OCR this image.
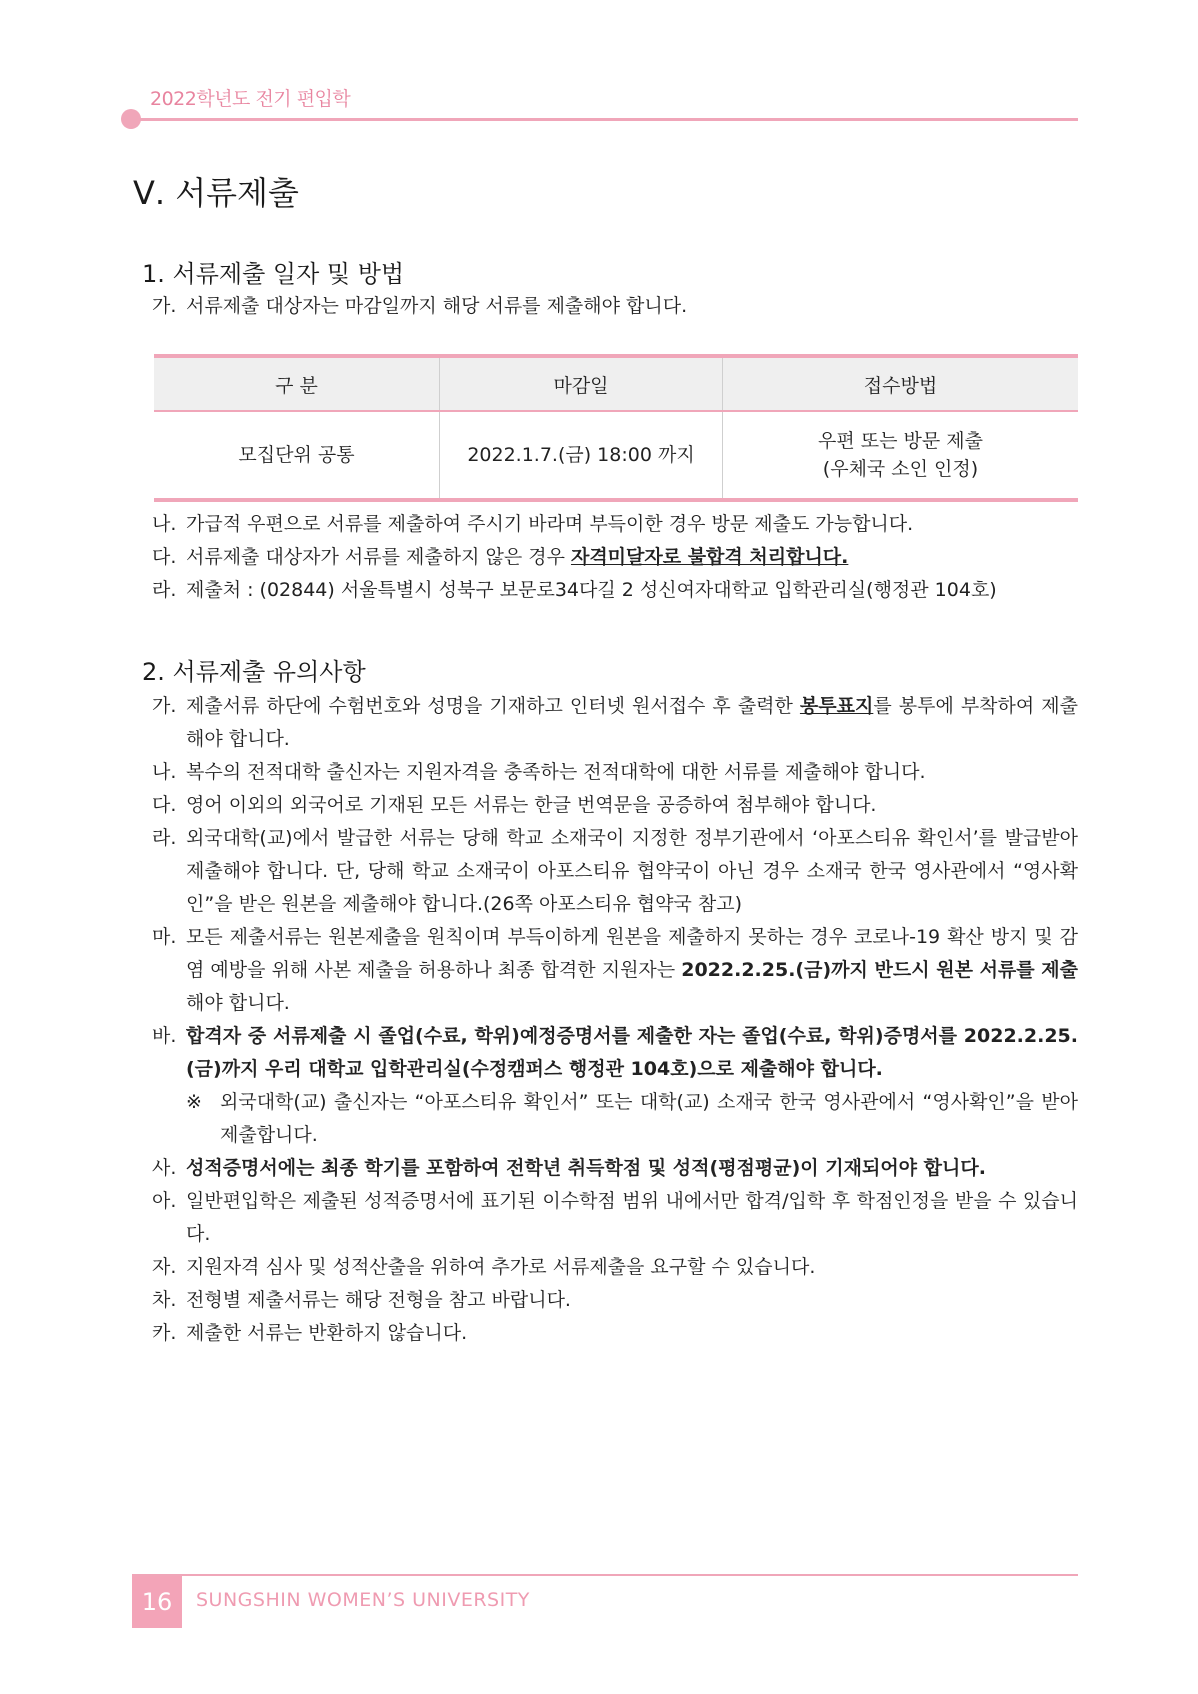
2022학년도 전기 편입학
Ⅴ. 서류제출
1. 서류제출 일자 및 방법
가. 서류제출 대상자는 마감일까지 해당 서류를 제출해야 합니다.
구 분	마감일	접수방법
모집단위 공통	2022.1.7.(금) 18:00 까지	우편 또는 방문 제출
(우체국 소인 인정)
나. 가급적 우편으로 서류를 제출하여 주시기 바라며 부득이한 경우 방문 제출도 가능합니다.
다. 서류제출 대상자가 서류를 제출하지 않은 경우 자격미달자로 불합격 처리합니다.
라. 제출처 : (02844) 서울특별시 성북구 보문로34다길 2 성신여자대학교 입학관리실(행정관 104호)
2. 서류제출 유의사항
가. 제출서류 하단에 수험번호와 성명을 기재하고 인터넷 원서접수 후 출력한 봉투표지를 봉투에 부착하여 제출해야 합니다.
나. 복수의 전적대학 출신자는 지원자격을 충족하는 전적대학에 대한 서류를 제출해야 합니다.
다. 영어 이외의 외국어로 기재된 모든 서류는 한글 번역문을 공증하여 첨부해야 합니다.
라. 외국대학(교)에서 발급한 서류는 당해 학교 소재국이 지정한 정부기관에서 ‘아포스티유 확인서’를 발급받아 제출해야 합니다. 단, 당해 학교 소재국이 아포스티유 협약국이 아닌 경우 소재국 한국 영사관에서 “영사확인”을 받은 원본을 제출해야 합니다.(26쪽 아포스티유 협약국 참고)
마. 모든 제출서류는 원본제출을 원칙이며 부득이하게 원본을 제출하지 못하는 경우 코로나-19 확산 방지 및 감염 예방을 위해 사본 제출을 허용하나 최종 합격한 지원자는 2022.2.25.(금)까지 반드시 원본 서류를 제출해야 합니다.
바. 합격자 중 서류제출 시 졸업(수료, 학위)예정증명서를 제출한 자는 졸업(수료, 학위)증명서를 2022.2.25.(금)까지 우리 대학교 입학관리실(수정캠퍼스 행정관 104호)으로 제출해야 합니다.
※ 외국대학(교) 출신자는 “아포스티유 확인서” 또는 대학(교) 소재국 한국 영사관에서 “영사확인”을 받아 제출합니다.
사. 성적증명서에는 최종 학기를 포함하여 전학년 취득학점 및 성적(평점평균)이 기재되어야 합니다.
아. 일반편입학은 제출된 성적증명서에 표기된 이수학점 범위 내에서만 합격/입학 후 학점인정을 받을 수 있습니다.
자. 지원자격 심사 및 성적산출을 위하여 추가로 서류제출을 요구할 수 있습니다.
차. 전형별 제출서류는 해당 전형을 참고 바랍니다.
카. 제출한 서류는 반환하지 않습니다.
16	SUNGSHIN WOMEN’S UNIVERSITY
